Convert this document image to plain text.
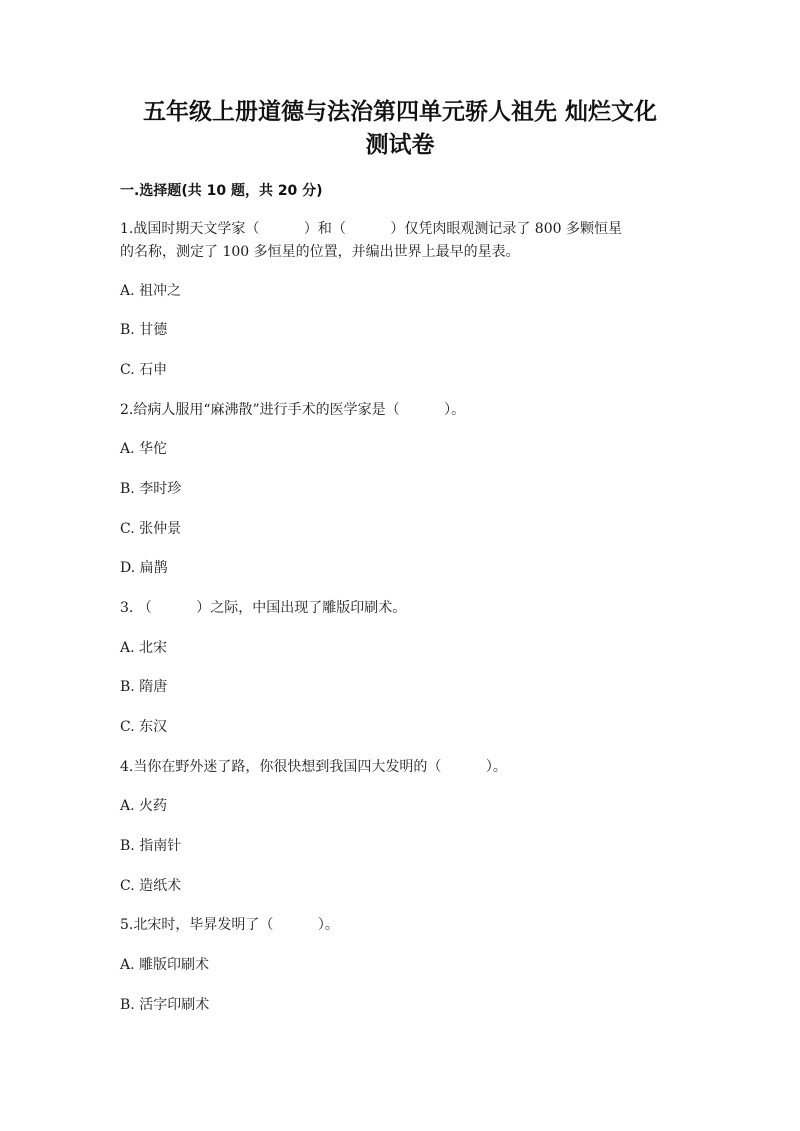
五年级上册道德与法治第四单元骄人祖先 灿烂文化
测试卷
一.选择题(共 10 题，共 20 分)
1.战国时期天文学家（          ）和（          ）仅凭肉眼观测记录了 800 多颗恒星
的名称，测定了 100 多恒星的位置，并编出世界上最早的星表。
A. 祖冲之
B. 甘德
C. 石申
2.给病人服用“麻沸散”进行手术的医学家是（          ）。
A. 华佗
B. 李时珍
C. 张仲景
D. 扁鹊
3. （          ）之际，中国出现了雕版印刷术。
A. 北宋
B. 隋唐
C. 东汉
4.当你在野外迷了路，你很快想到我国四大发明的（          ）。
A. 火药
B. 指南针
C. 造纸术
5.北宋时，毕昇发明了（          ）。
A. 雕版印刷术
B. 活字印刷术
